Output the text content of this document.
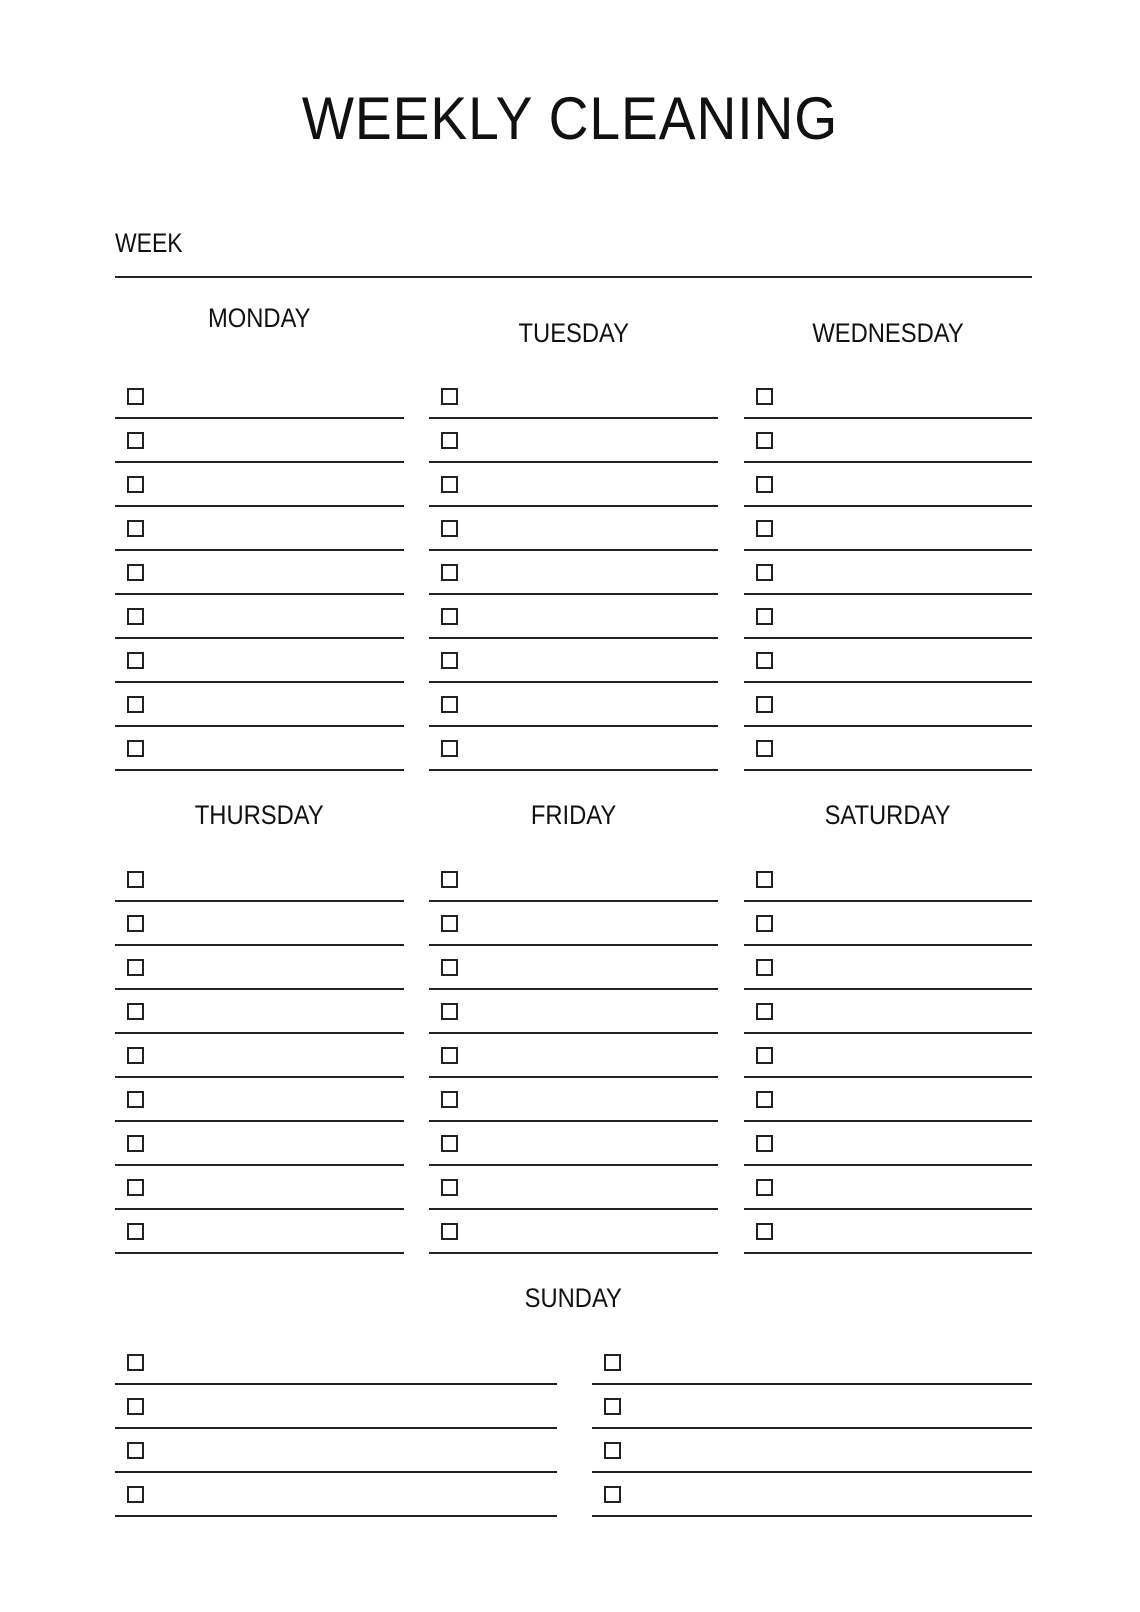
WEEKLY CLEANING
WEEK
MONDAY	TUESDAY	WEDNESDAY
THURSDAY	FRIDAY	SATURDAY
SUNDAY
